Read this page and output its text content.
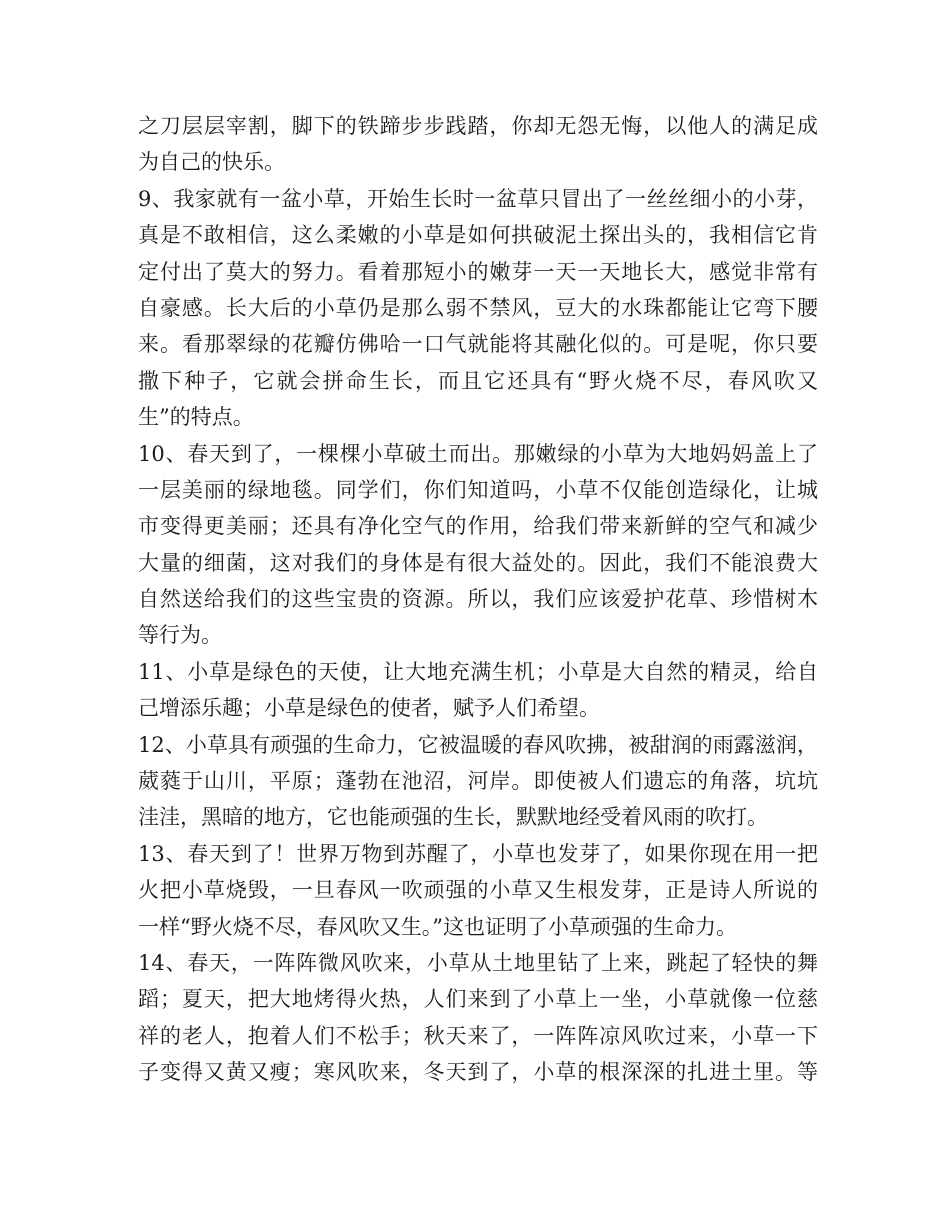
之刀层层宰割，脚下的铁蹄步步践踏，你却无怨无悔，以他人的满足成
为自己的快乐。
9、我家就有一盆小草，开始生长时一盆草只冒出了一丝丝细小的小芽，
真是不敢相信，这么柔嫩的小草是如何拱破泥土探出头的，我相信它肯
定付出了莫大的努力。看着那短小的嫩芽一天一天地长大，感觉非常有
自豪感。长大后的小草仍是那么弱不禁风，豆大的水珠都能让它弯下腰
来。看那翠绿的花瓣仿佛哈一口气就能将其融化似的。可是呢，你只要
撒下种子，它就会拼命生长，而且它还具有“野火烧不尽，春风吹又
生”的特点。
10、春天到了，一棵棵小草破土而出。那嫩绿的小草为大地妈妈盖上了
一层美丽的绿地毯。同学们，你们知道吗，小草不仅能创造绿化，让城
市变得更美丽；还具有净化空气的作用，给我们带来新鲜的空气和减少
大量的细菌，这对我们的身体是有很大益处的。因此，我们不能浪费大
自然送给我们的这些宝贵的资源。所以，我们应该爱护花草、珍惜树木
等行为。
11、小草是绿色的天使，让大地充满生机；小草是大自然的精灵，给自
己增添乐趣；小草是绿色的使者，赋予人们希望。
12、小草具有顽强的生命力，它被温暖的春风吹拂，被甜润的雨露滋润，
葳蕤于山川，平原；蓬勃在池沼，河岸。即使被人们遗忘的角落，坑坑
洼洼，黑暗的地方，它也能顽强的生长，默默地经受着风雨的吹打。
13、春天到了！世界万物到苏醒了，小草也发芽了，如果你现在用一把
火把小草烧毁，一旦春风一吹顽强的小草又生根发芽，正是诗人所说的
一样“野火烧不尽，春风吹又生。”这也证明了小草顽强的生命力。
14、春天，一阵阵微风吹来，小草从土地里钻了上来，跳起了轻快的舞
蹈；夏天，把大地烤得火热，人们来到了小草上一坐，小草就像一位慈
祥的老人，抱着人们不松手；秋天来了，一阵阵凉风吹过来，小草一下
子变得又黄又瘦；寒风吹来，冬天到了，小草的根深深的扎进土里。等
